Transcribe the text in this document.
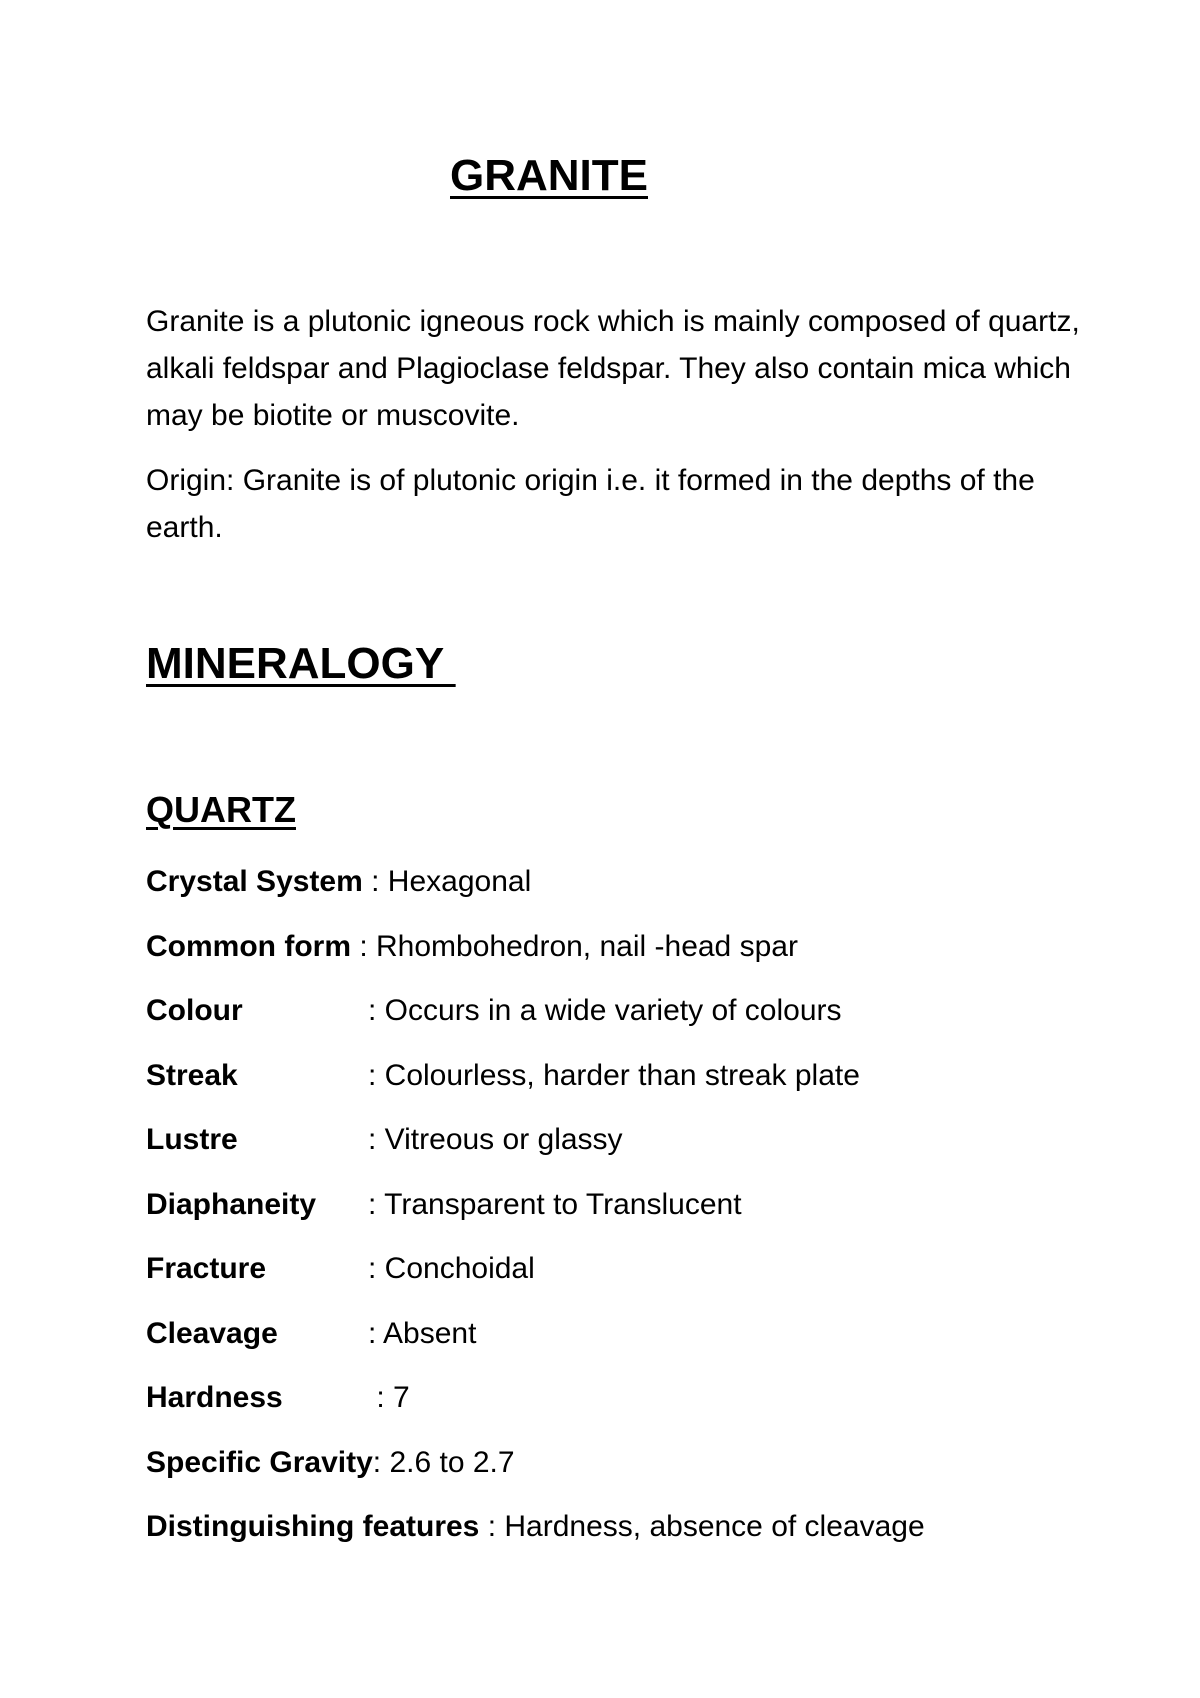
GRANITE

Granite is a plutonic igneous rock which is mainly composed of quartz, alkali feldspar and Plagioclase feldspar. They also contain mica which may be biotite or muscovite.

Origin: Granite is of plutonic origin i.e. it formed in the depths of the earth.

MINERALOGY
QUARTZ
Crystal System : Hexagonal
Common form : Rhombohedron, nail -head spar
Colour	: Occurs in a wide variety of colours
Streak	: Colourless, harder than streak plate
Lustre	: Vitreous or glassy
Diaphaneity : Transparent to Translucent
Fracture	: Conchoidal
Cleavage	: Absent
Hardness	: 7
Specific Gravity: 2.6 to 2.7
Distinguishing features : Hardness, absence of cleavage
